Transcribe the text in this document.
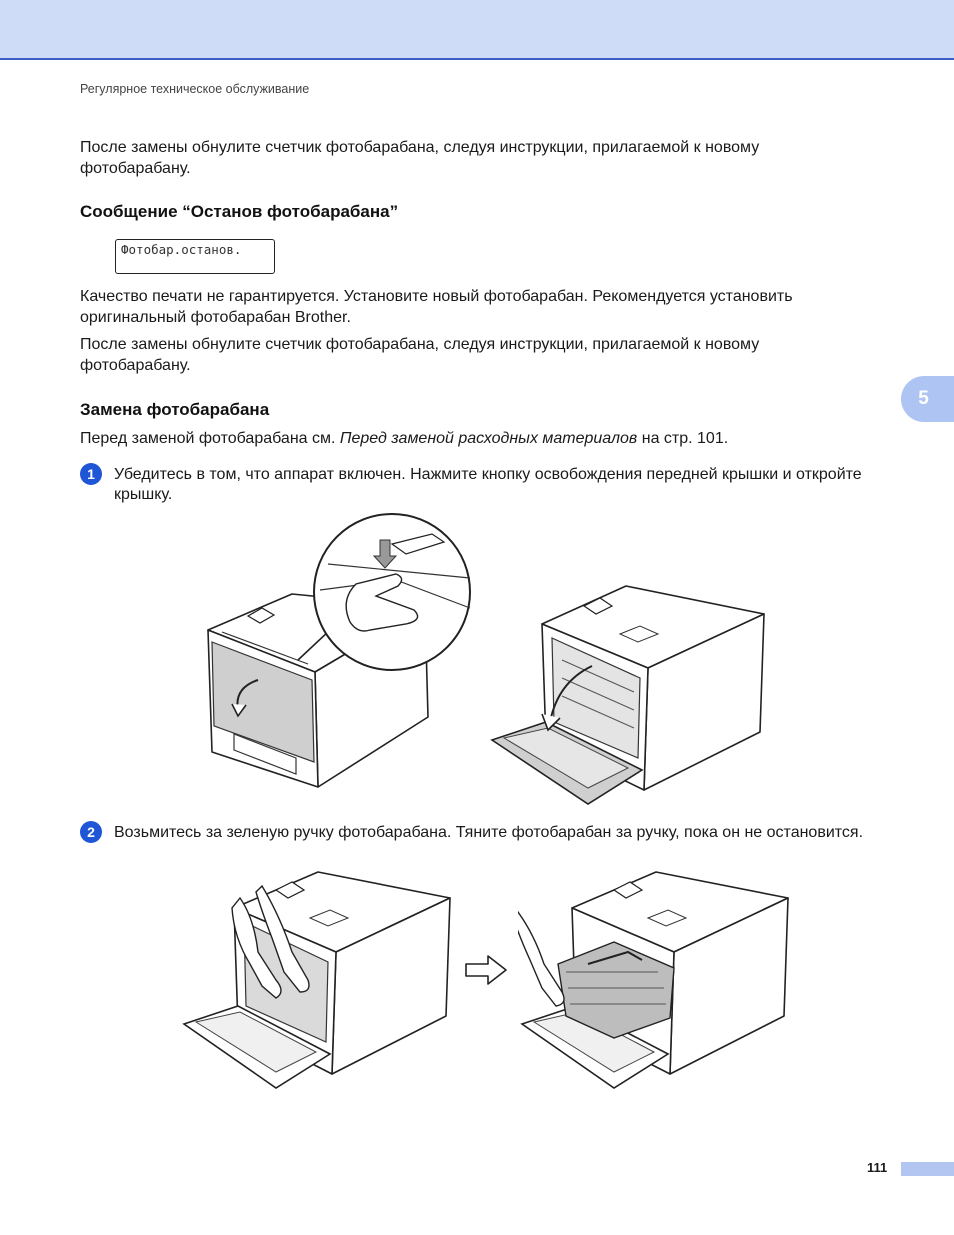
Регулярное техническое обслуживание

После замены обнулите счетчик фотобарабана, следуя инструкции, прилагаемой к новому фотобарабану.

Сообщение “Останов фотобарабана”
Фотобар.останов.

Качество печати не гарантируется. Установите новый фотобарабан. Рекомендуется установить оригинальный фотобарабан Brother.

После замены обнулите счетчик фотобарабана, следуя инструкции, прилагаемой к новому фотобарабану.

Замена фотобарабана

Перед заменой фотобарабана см. Перед заменой расходных материалов на стр. 101.

5
1	Убедитесь в том, что аппарат включен. Нажмите кнопку освобождения передней крышки и откройте крышку.

2	Возьмитесь за зеленую ручку фотобарабана. Тяните фотобарабан за ручку, пока он не остановится.

111
